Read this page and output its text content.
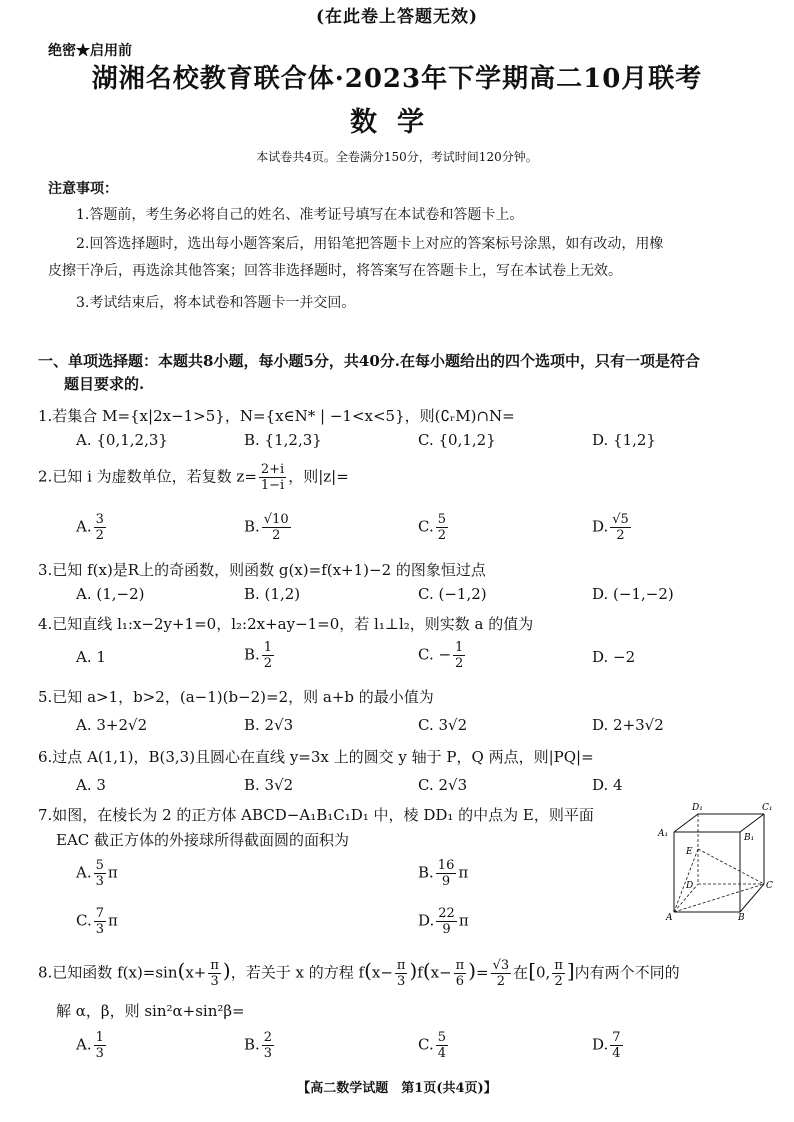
(在此卷上答题无效)
绝密★启用前
湖湘名校教育联合体·2023年下学期高二10月联考
数学
本试卷共4页。全卷满分150分，考试时间120分钟。
注意事项：
1.答题前，考生务必将自己的姓名、准考证号填写在本试卷和答题卡上。
2.回答选择题时，选出每小题答案后，用铅笔把答题卡上对应的答案标号涂黑，如有改动，用橡
皮擦干净后，再选涂其他答案；回答非选择题时，将答案写在答题卡上，写在本试卷上无效。
3.考试结束后，将本试卷和答题卡一并交回。
一、单项选择题：本题共8小题，每小题5分，共40分.在每小题给出的四个选项中，只有一项是符合
题目要求的.
1.若集合 M={x|2x−1>5}，N={x∈N* | −1<x<5}，则(∁ᵣM)∩N=
A. {0,1,2,3}	B. {1,2,3}	C. {0,1,2}	D. {1,2}
2.已知 i 为虚数单位，若复数 $z= \frac{2+i}{1-i}$ ，则|z|=
A. $\frac{3}{2}$	B. $\frac{√10}{2}$	C. $\frac{5}{2}$	D. $\frac{√5}{2}$
3.已知 f(x)是R上的奇函数，则函数 g(x)=f(x+1)−2 的图象恒过点
A. (1,−2)	B. (1,2)	C. (−1,2)	D. (−1,−2)
4.已知直线 l₁:x−2y+1=0，l₂:2x+ay−1=0，若 l₁⊥l₂，则实数 a 的值为
A. 1	B. $\frac{1}{2}$	C. − $\frac{1}{2}$	D. −2
5.已知 a>1，b>2，(a−1)(b−2)=2，则 a+b 的最小值为
A. 3+2√2	B. 2√3	C. 3√2	D. 2+3√2
6.过点 A(1,1)，B(3,3)且圆心在直线 y=3x 上的圆交 y 轴于 P，Q 两点，则|PQ|=
A. 3	B. 3√2	C. 2√3	D. 4
7.如图，在棱长为 2 的正方体 ABCD−A₁B₁C₁D₁ 中，棱 DD₁ 的中点为 E，则平面
EAC 截正方体的外接球所得截面圆的面积为
A. $\frac{5}{3}$ π	B. $\frac{16}{9}$ π
C. $\frac{7}{3}$ π	D. $\frac{22}{9}$ π
D₁	C₁
A₁	B₁
E
D	C
A	B
8.已知函数 $f(x)=\sin(x+ \frac{\pi}{3}$ )，若关于 x 的方程 $f(x- \frac{\pi}{3} )f(x- \frac{\pi}{6}$ )= $\frac{√3}{2}$ 在[0, $\frac{\pi}{2}$ ]内有两个不同的
解 α，β，则 sin²α+sin²β=
A. $\frac{1}{3}$	B. $\frac{2}{3}$	C. $\frac{5}{4}$	D. $\frac{7}{4}$
【高二数学试题　第1页(共4页)】
